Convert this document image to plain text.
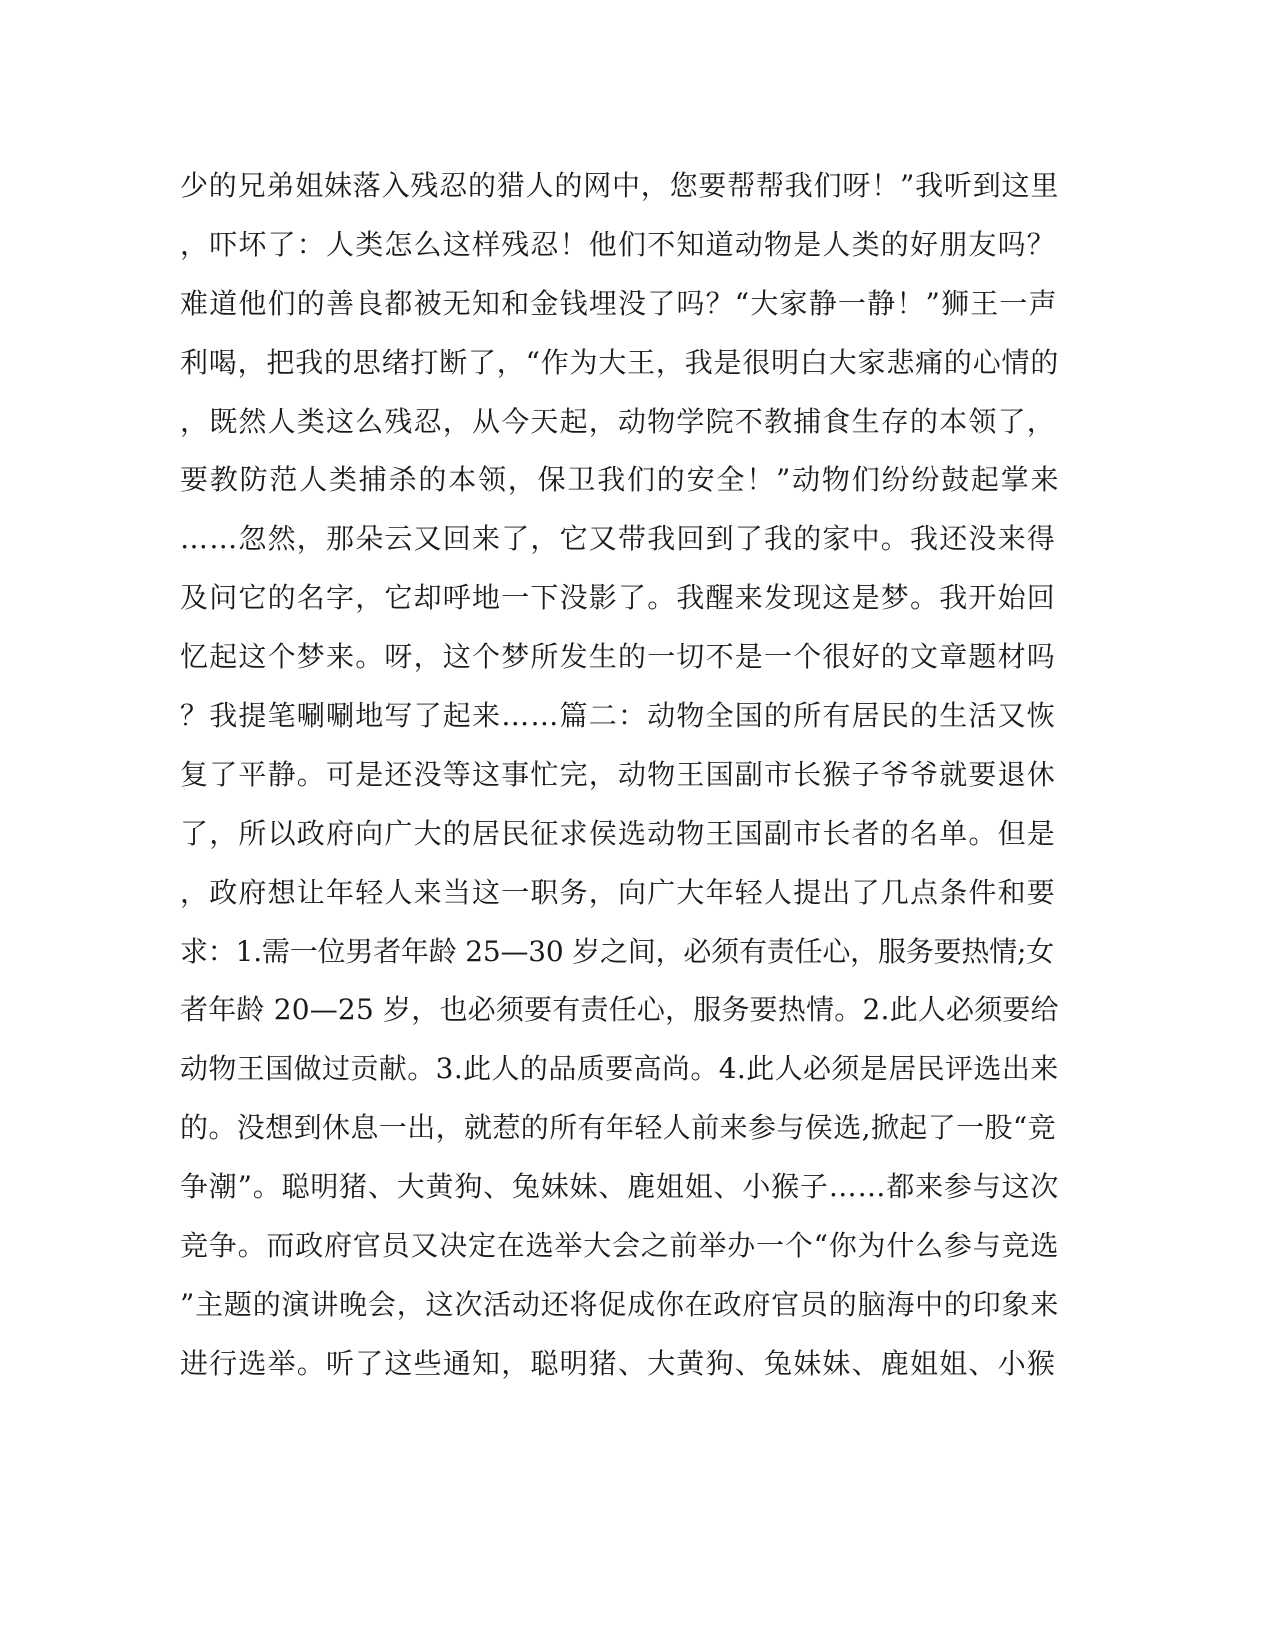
少的兄弟姐妹落入残忍的猎人的网中，您要帮帮我们呀！”我听到这里
，吓坏了：人类怎么这样残忍！他们不知道动物是人类的好朋友吗？
难道他们的善良都被无知和金钱埋没了吗？“大家静一静！”狮王一声
利喝，把我的思绪打断了，“作为大王，我是很明白大家悲痛的心情的
，既然人类这么残忍，从今天起，动物学院不教捕食生存的本领了，
要教防范人类捕杀的本领，保卫我们的安全！”动物们纷纷鼓起掌来
……忽然，那朵云又回来了，它又带我回到了我的家中。我还没来得
及问它的名字，它却呼地一下没影了。我醒来发现这是梦。我开始回
忆起这个梦来。呀，这个梦所发生的一切不是一个很好的文章题材吗
？我提笔唰唰地写了起来……篇二：动物全国的所有居民的生活又恢
复了平静。可是还没等这事忙完，动物王国副市长猴子爷爷就要退休
了，所以政府向广大的居民征求侯选动物王国副市长者的名单。但是
，政府想让年轻人来当这一职务，向广大年轻人提出了几点条件和要
求：1.需一位男者年龄 25—30 岁之间，必须有责任心，服务要热情;女
者年龄 20—25 岁，也必须要有责任心，服务要热情。2.此人必须要给
动物王国做过贡献。3.此人的品质要高尚。4.此人必须是居民评选出来
的。没想到休息一出，就惹的所有年轻人前来参与侯选,掀起了一股“竞
争潮”。聪明猪、大黄狗、兔妹妹、鹿姐姐、小猴子……都来参与这次
竞争。而政府官员又决定在选举大会之前举办一个“你为什么参与竞选
”主题的演讲晚会，这次活动还将促成你在政府官员的脑海中的印象来
进行选举。听了这些通知，聪明猪、大黄狗、兔妹妹、鹿姐姐、小猴
